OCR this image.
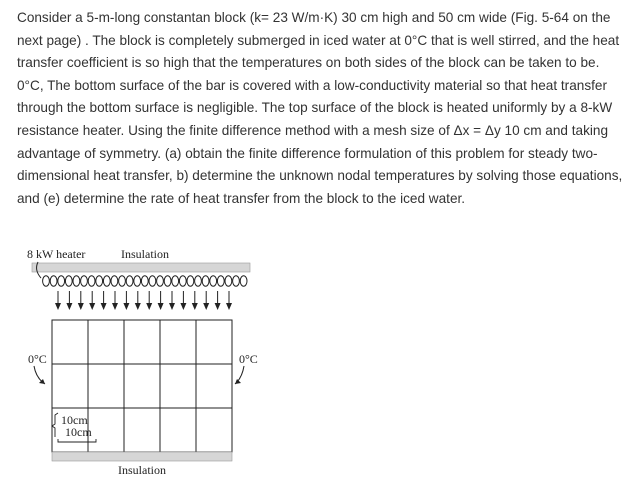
Consider a 5-m-long constantan block (k= 23 W/m·K) 30 cm high and 50 cm wide (Fig. 5-64 on the next page) . The block is completely submerged in iced water at 0°C that is well stirred, and the heat transfer coefficient is so high that the temperatures on both sides of the block can be taken to be. 0°C, The bottom surface of the bar is covered with a low-conductivity material so that heat transfer through the bottom surface is negligible. The top surface of the block is heated uniformly by a 8-kW resistance heater. Using the finite difference method with a mesh size of Δx = Δy 10 cm and taking advantage of symmetry. (a) obtain the finite difference formulation of this problem for steady two-dimensional heat transfer, b) determine the unknown nodal temperatures by solving those equations, and (e) determine the rate of heat transfer from the block to the iced water.

8 kW heater	Insulation
0°C	0°C
10cm
10cm
Insulation
